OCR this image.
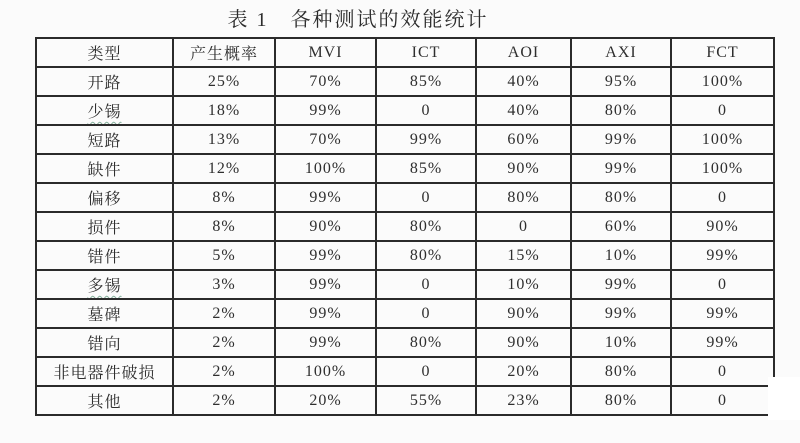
表 1　各种测试的效能统计
类型	产生概率	MVI	ICT	AOI	AXI	FCT
开路	25%	70%	85%	40%	95%	100%
少锡	18%	99%	0	40%	80%	0
短路	13%	70%	99%	60%	99%	100%
缺件	12%	100%	85%	90%	99%	100%
偏移	8%	99%	0	80%	80%	0
损件	8%	90%	80%	0	60%	90%
错件	5%	99%	80%	15%	10%	99%
多锡	3%	99%	0	10%	99%	0
墓碑	2%	99%	0	90%	99%	99%
错向	2%	99%	80%	90%	10%	99%
非电器件破损	2%	100%	0	20%	80%	0
其他	2%	20%	55%	23%	80%	0
